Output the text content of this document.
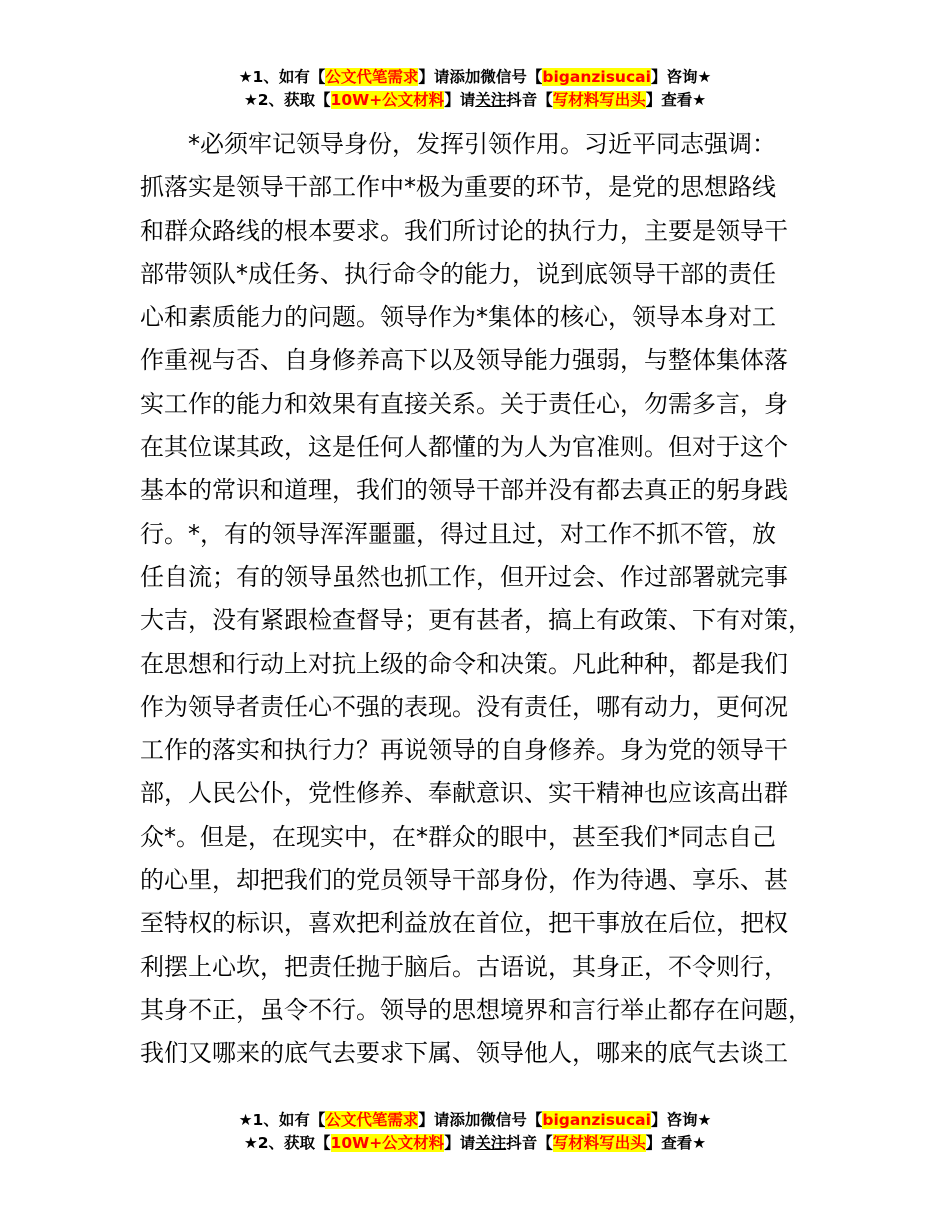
★1、如有【公文代笔需求】请添加微信号【biganzisucai】咨询★
★2、获取【10W+公文材料】请关注抖音【写材料写出头】查看★
　　*必须牢记领导身份，发挥引领作用。习近平同志强调：
抓落实是领导干部工作中*极为重要的环节，是党的思想路线
和群众路线的根本要求。我们所讨论的执行力，主要是领导干
部带领队*成任务、执行命令的能力，说到底领导干部的责任
心和素质能力的问题。领导作为*集体的核心，领导本身对工
作重视与否、自身修养高下以及领导能力强弱，与整体集体落
实工作的能力和效果有直接关系。关于责任心，勿需多言，身
在其位谋其政，这是任何人都懂的为人为官准则。但对于这个
基本的常识和道理，我们的领导干部并没有都去真正的躬身践
行。*，有的领导浑浑噩噩，得过且过，对工作不抓不管，放
任自流；有的领导虽然也抓工作，但开过会、作过部署就完事
大吉，没有紧跟检查督导；更有甚者，搞上有政策、下有对策，
在思想和行动上对抗上级的命令和决策。凡此种种，都是我们
作为领导者责任心不强的表现。没有责任，哪有动力，更何况
工作的落实和执行力？再说领导的自身修养。身为党的领导干
部，人民公仆，党性修养、奉献意识、实干精神也应该高出群
众*。但是，在现实中，在*群众的眼中，甚至我们*同志自己
的心里，却把我们的党员领导干部身份，作为待遇、享乐、甚
至特权的标识，喜欢把利益放在首位，把干事放在后位，把权
利摆上心坎，把责任抛于脑后。古语说，其身正，不令则行，
其身不正，虽令不行。领导的思想境界和言行举止都存在问题，
我们又哪来的底气去要求下属、领导他人，哪来的底气去谈工
★1、如有【公文代笔需求】请添加微信号【biganzisucai】咨询★
★2、获取【10W+公文材料】请关注抖音【写材料写出头】查看★
